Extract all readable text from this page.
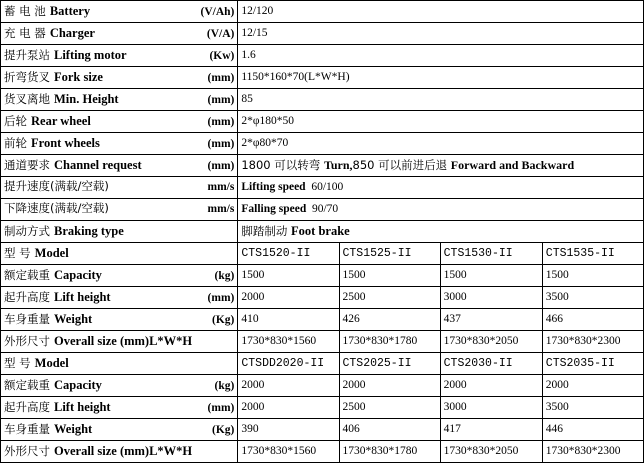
蓄 电 池 Battery (V/Ah)	12/120			

充 电 器 Charger (V/A)	12/15			

提升泵站 Lifting motor (Kw)	1.6			

折弯货叉 Fork size (mm)	1150*160*70(L*W*H)			

货叉离地 Min. Height (mm)	85			

后轮 Rear wheel (mm)	2*φ180*50			

前轮 Front wheels (mm)	2*φ80*70			

通道要求 Channel request (mm)	1800 可以转弯 Turn,850 可以前进后退 Forward and Backward			

提升速度(满载/空载) mm/s	Lifting speed 60/100			

下降速度(满载/空载) mm/s	Falling speed 90/70			

制动方式 Braking type	脚踏制动 Foot brake			

型 号 Model	CTS1520-II	CTS1525-II	CTS1530-II	CTS1535-II

额定载重 Capacity (kg)	1500	1500	1500	1500

起升高度 Lift height (mm)	2000	2500	3000	3500

车身重量 Weight (Kg)	410	426	437	466

外形尺寸 Overall size (mm)L*W*H	1730*830*1560	1730*830*1780	1730*830*2050	1730*830*2300

型 号 Model	CTSDD2020-II	CTS2025-II	CTS2030-II	CTS2035-II

额定载重 Capacity (kg)	2000	2000	2000	2000

起升高度 Lift height (mm)	2000	2500	3000	3500

车身重量 Weight (Kg)	390	406	417	446

外形尺寸 Overall size (mm)L*W*H	1730*830*1560	1730*830*1780	1730*830*2050	1730*830*2300
